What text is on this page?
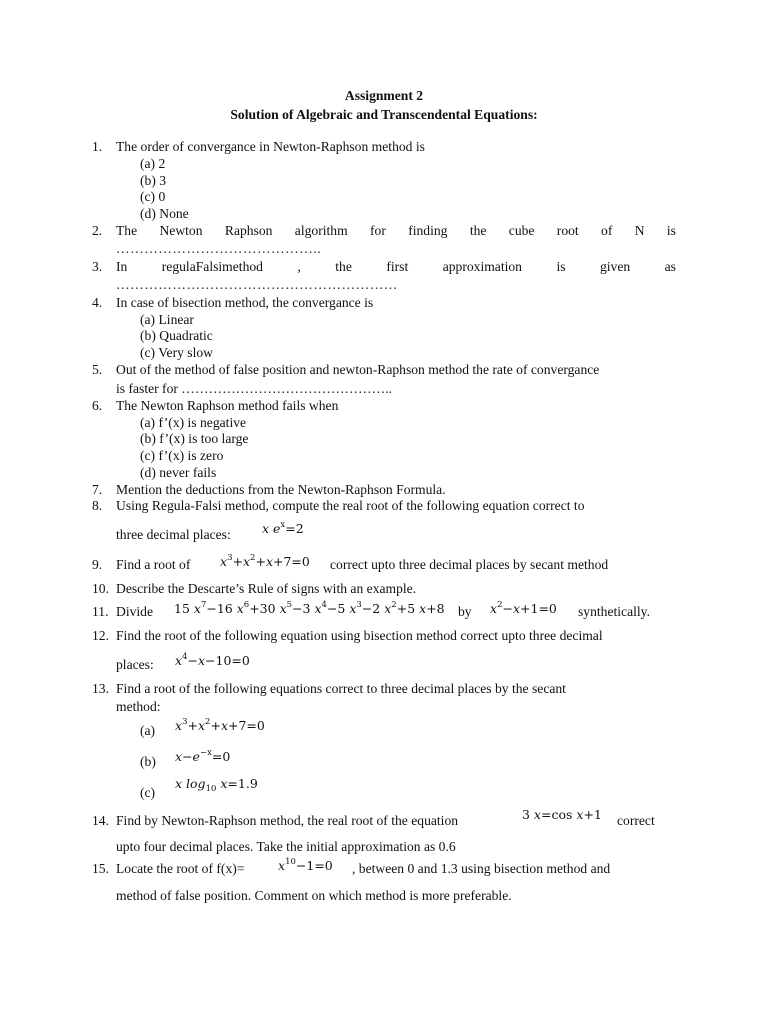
Assignment 2
Solution of Algebraic and Transcendental Equations:
1. The order of convergance in Newton-Raphson method is
(a) 2
(b) 3
(c) 0
(d) None
2. The Newton Raphson algorithm for finding the cube root of N is
……………………………………..
3. In	regulaFalsimethod	,	the	first	approximation	is	given	as
……………………………………………………
4. In case of bisection method, the convergance is
(a) Linear
(b) Quadratic
(c) Very slow
5. Out of the method of false position and newton-Raphson method the rate of convergance
is faster for ………………………………………..
6. The Newton Raphson method fails when
(a) f’(x) is negative
(b) f’(x) is too large
(c) f’(x) is zero
(d) never fails
7. Mention the deductions from the Newton-Raphson Formula.
8. Using Regula-Falsi method, compute the real root of the following equation correct to
three decimal places:	x $e^x=2$
9. Find a root of $x^3+x^2+x+7=0$ correct upto three decimal places by secant method
10. Describe the Descarte’s Rule of signs with an example.
11. Divide 15 $x^7-16$ $x^6+30$ $x^5-3$ $x^4-5$ $x^3-2$ $x^2+5$ x+8 by $x^2-x+1=0$ synthetically.
12. Find the root of the following equation using bisection method correct upto three decimal
places: $x^4-x-10=0$
13. Find a root of the following equations correct to three decimal places by the secant
method:
(a) $x^3+x^2+x+7=0$
(b) $x-e^{-x}=0$
(c)
x $\log_{10} x=1.9$
14. Find by Newton-Raphson method, the real root of the equation	3 x=cos x+1 correct
upto four decimal places. Take the initial approximation as 0.6
15. Locate the root of f(x)=	$x^{10}-1=0$ , between 0 and 1.3 using bisection method and
method of false position. Comment on which method is more preferable.
